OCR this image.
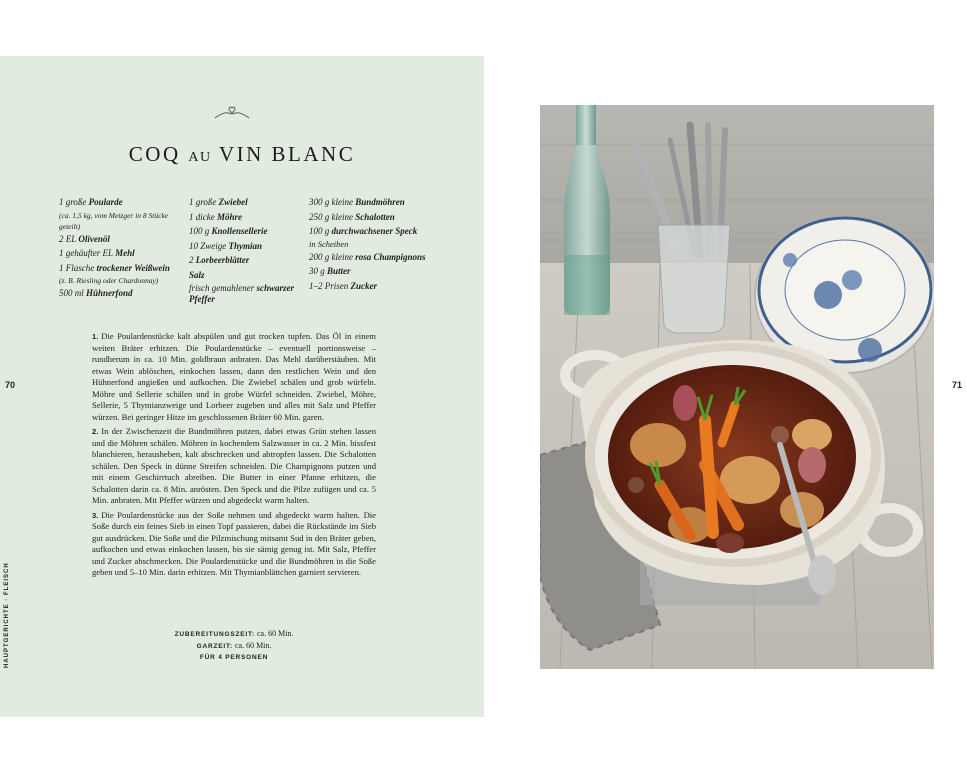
COQ AU VIN BLANC
1 große Poularde
(ca. 1,5 kg, vom Metzger in 8 Stücke geteilt)
2 EL Olivenöl
1 gehäufter EL Mehl
1 Flasche trockener Weißwein
(z. B. Riesling oder Chardonnay)
500 ml Hühnerfond
1 große Zwiebel
1 dicke Möhre
100 g Knollensellerie
10 Zweige Thymian
2 Lorbeerblätter
Salz
frisch gemahlener schwarzer Pfeffer
300 g kleine Bundmöhren
250 g kleine Schalotten
100 g durchwachsener Speck
in Scheiben
200 g kleine rosa Champignons
30 g Butter
1–2 Prisen Zucker

1. Die Poulardenstücke kalt abspülen und gut trocken tupfen. Das Öl in einem weiten Bräter erhitzen. Die Poulardenstücke – eventuell portionsweise – rundherum in ca. 10 Min. goldbraun anbraten. Das Mehl darüberstäuben. Mit etwas Wein ablöschen, einkochen lassen, dann den restlichen Wein und den Hühnerfond angießen und aufkochen. Die Zwiebel schälen und grob würfeln. Möhre und Sellerie schälen und in grobe Würfel schneiden. Zwiebel, Möhre, Sellerie, 5 Thymianzweige und Lorbeer zugeben und alles mit Salz und Pfeffer würzen. Bei geringer Hitze im geschlossenen Bräter 60 Min. garen.

2. In der Zwischenzeit die Bundmöhren putzen, dabei etwas Grün stehen lassen und die Möhren schälen. Möhren in kochendem Salzwasser in ca. 2 Min. bissfest blanchieren, herausheben, kalt abschrecken und abtropfen lassen. Die Schalotten schälen. Den Speck in dünne Streifen schneiden. Die Champignons putzen und mit einem Geschirrtuch abreiben. Die Butter in einer Pfanne erhitzen, die Schalotten darin ca. 8 Min. anrösten. Den Speck und die Pilze zufügen und ca. 5 Min. anbraten. Mit Pfeffer würzen und abgedeckt warm halten.

3. Die Poulardenstücke aus der Soße nehmen und abgedeckt warm halten. Die Soße durch ein feines Sieb in einen Topf passieren, dabei die Rückstände im Sieb gut ausdrücken. Die Soße und die Pilzmischung mitsamt Sud in den Bräter geben, aufkochen und etwas einkochen lassen, bis sie sämig genug ist. Mit Salz, Pfeffer und Zucker abschmecken. Die Poulardenstücke und die Bundmöhren in die Soße geben und 5–10 Min. darin erhitzen. Mit Thymianblättchen garniert servieren.

ZUBEREITUNGSZEIT: ca. 60 Min.
GARZEIT: ca. 60 Min.
FÜR 4 PERSONEN
70	71
HAUPTGERICHTE · FLEISCH
